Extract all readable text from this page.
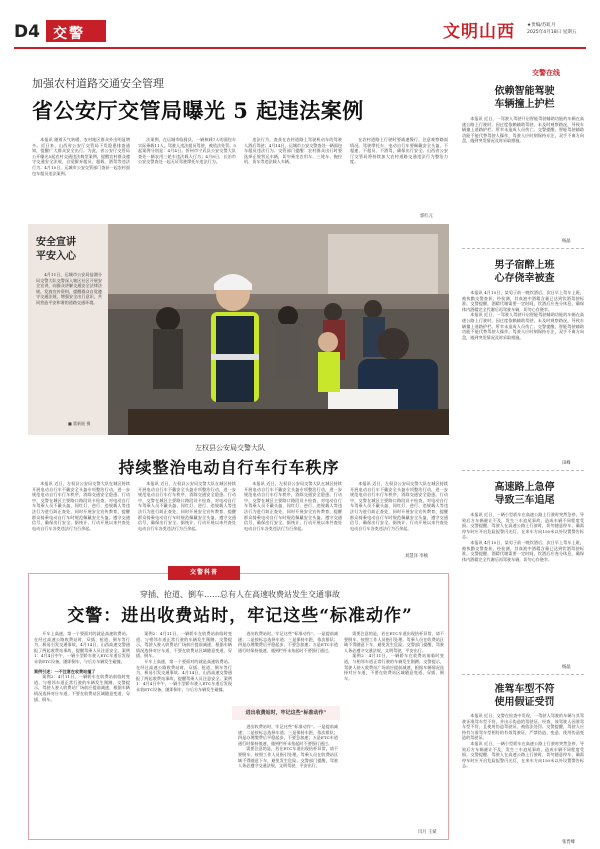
D4 交警	文明山西	★贵编/苏虹月
2025年4月18日 星期五
加强农村道路交通安全管理
省公安厅交管局曝光 5 起违法案例

本报讯 随着天气转暖，农村地区群众外出明显增多。近日来，山西省公安厅交管局下发隐患排查通知，提醒广大群众安全出行。为此，省公安厅交管局公开曝光5起农村交通违法典型案例，提醒农村群众遵守交通安全法规，自觉摒弃超员、超载、酒驾等违法行为。4月10日，运城市公安交管部门查获一起农村面包车超员违法案例。

法案例，在运城市临猗县，一辆核载7人的面包车实际乘载11人，驾驶人违法超员驾驶，被依法处罚。5起案例分别是：4月4日，忻州市宁武县公安交警大队查处一辆农用三轮车违法载人行为；4月8日，长治市公安交警查处一起无证驾驶摩托车违法行为。

违法行为，查获在农村道路上驾驶机动车的驾驶人酒后驾驶；4月14日，运城市公安交警查处一辆面包车超员违法行为。交管部门提醒：农村群众出行时要选择正规营运车辆，切勿乘坐农用车、三轮车、拖拉机、货车等违法载人车辆。

在农村道路上行驶时要减速慢行，注意观察路面情况。驾驶摩托车、电动自行车要佩戴安全头盔，不超速、不超员、不酒驾，确保出行安全。山西省公安厅交管局将持续加大农村道路交通违法行为整治力度。

郭红元
安全宣讲
平安入心

4月11日，运城市公安局盐湖分局交警大队交警深入辖区社区开展安全宣讲，向群众讲解交通安全法律法规，发放宣传资料，提醒群众自觉遵守交通法规，增强安全出行意识，共同营造平安和谐的道路交通环境。

■ 董新媛 摄
左权县公安局交警大队
持续整治电动自行车行车秩序

本报讯 近日，左权县公安局交警大队在城区持续开展电动自行车不戴安全头盔专项整治行动，进一步规范电动自行车行车秩序，消除交通安全隐患。行动中，交警在城区主要路口路段设卡检查，对电动自行车驾乘人员不戴头盔、闯红灯、逆行、违规载人等违法行为进行纠正查处，同时开展安全宣传教育，提醒群众骑乘电动自行车时规范佩戴安全头盔，遵守交通信号，确保出行安全。据统计，行动开展以来共查处电动自行车各类违法行为百余起。

本报讯 近日，左权县公安局交警大队在城区持续开展电动自行车不戴安全头盔专项整治行动，进一步规范电动自行车行车秩序，消除交通安全隐患。行动中，交警在城区主要路口路段设卡检查，对电动自行车驾乘人员不戴头盔、闯红灯、逆行、违规载人等违法行为进行纠正查处，同时开展安全宣传教育，提醒群众骑乘电动自行车时规范佩戴安全头盔，遵守交通信号，确保出行安全。据统计，行动开展以来共查处电动自行车各类违法行为百余起。

本报讯 近日，左权县公安局交警大队在城区持续开展电动自行车不戴安全头盔专项整治行动，进一步规范电动自行车行车秩序，消除交通安全隐患。行动中，交警在城区主要路口路段设卡检查，对电动自行车驾乘人员不戴头盔、闯红灯、逆行、违规载人等违法行为进行纠正查处，同时开展安全宣传教育，提醒群众骑乘电动自行车时规范佩戴安全头盔，遵守交通信号，确保出行安全。据统计，行动开展以来共查处电动自行车各类违法行为百余起。

本报讯 近日，左权县公安局交警大队在城区持续开展电动自行车不戴安全头盔专项整治行动，进一步规范电动自行车行车秩序，消除交通安全隐患。行动中，交警在城区主要路口路段设卡检查，对电动自行车驾乘人员不戴头盔、闯红灯、逆行、违规载人等违法行为进行纠正查处，同时开展安全宣传教育，提醒群众骑乘电动自行车时规范佩戴安全头盔，遵守交通信号，确保出行安全。据统计，行动开展以来共查处电动自行车各类违法行为百余起。

刘慧泽 李楠
交警科普
穿插、抢道、倒车……总有人在高速收费站发生交通事故
交警：进出收费站时，牢记这些“标准动作”

开车上高速，第一个要面对的就是高速收费站。在经过高速公路收费站时，穿插、抢道、倒车等行为，极易引发交通事故。4月14日，山西高速交警通报了两起收费站事故，提醒驾乘人员注意安全。案例1：4月4日中午，一辆小型轿车驶入ETC车道后发现未装ETC设备，随即倒车，与后方车辆发生碰撞。

案例引述：一不注意在收费站撞了

案例2：4月11日，一辆轿车在收费站前临时变道，与相邻车道正常行驶的车辆发生剐蹭。交警提示，驾驶人驶入收费站广场前应提前减速，根据车辆情况选择对应车道，不要在收费站区域随意变道、穿插、倒车。

案例2：4月11日，一辆轿车在收费站前临时变道，与相邻车道正常行驶的车辆发生剐蹭。交警提示，驾驶人驶入收费站广场前应提前减速，根据车辆情况选择对应车道，不要在收费站区域随意变道、穿插、倒车。

开车上高速，第一个要面对的就是高速收费站。在经过高速公路收费站时，穿插、抢道、倒车等行为，极易引发交通事故。4月14日，山西高速交警通报了两起收费站事故，提醒驾乘人员注意安全。案例1：4月4日中午，一辆小型轿车驶入ETC车道后发现未装ETC设备，随即倒车，与后方车辆发生碰撞。

进出收费站时，牢记这些“标准动作”

进出收费站时，牢记这些“标准动作”。一是提前减速；二是按标志选择车道；三是保持车距，依次排队；四是办理缴费后平稳起步，不要急加速；五是ETC车道通行时保持低速，遇到栏杆未抬起时不要强行通过。

进出收费站时，牢记这些“标准动作”。一是提前减速；二是按标志选择车道；三是保持车距，依次排队；四是办理缴费后平稳起步，不要急加速；五是ETC车道通行时保持低速，遇到栏杆未抬起时不要强行通过。

需要注意的是，若在ETC车道出现抬杆异常，请不要倒车，按照工作人员指引处理。驾乘人员在收费站区域不得随意下车，避免发生危险。交警部门提醒，驾驶人务必遵守交通法规，文明驾驶，平安出行。

需要注意的是，若在ETC车道出现抬杆异常，请不要倒车，按照工作人员指引处理。驾乘人员在收费站区域不得随意下车，避免发生危险。交警部门提醒，驾驶人务必遵守交通法规，文明驾驶，平安出行。

案例2：4月11日，一辆轿车在收费站前临时变道，与相邻车道正常行驶的车辆发生剐蹭。交警提示，驾驶人驶入收费站广场前应提前减速，根据车辆情况选择对应车道，不要在收费站区域随意变道、穿插、倒车。

闫月 王斌
交警在线
依赖智能驾驶
车辆撞上护栏

本报讯 近日，一驾驶人驾驶开启智能驾驶辅助功能的车辆在高速公路上行驶时，因过度依赖辅助驾驶，未及时观察路况，导致车辆撞上道路护栏。所幸未造成人员伤亡。交警提醒，智能驾驶辅助功能不能代替驾驶人操作，驾驶人应时刻保持专注，双手不离方向盘，遇到突发情况及时采取措施。

杨晶
男子宿醉上班
心存侥幸被查

本报讯 4月10日，某男子前一晚饮酒后，次日早上驾车上班，被执勤交警查获。经检测，其血液中酒精含量已达到饮酒驾驶标准。交警提醒，酒精代谢需要一定时间，饮酒后应充分休息，确保体内酒精完全代谢后再驾驶车辆，切勿心存侥幸。

本报讯 近日，一驾驶人驾驶开启智能驾驶辅助功能的车辆在高速公路上行驶时，因过度依赖辅助驾驶，未及时观察路况，导致车辆撞上道路护栏。所幸未造成人员伤亡。交警提醒，智能驾驶辅助功能不能代替驾驶人操作，驾驶人应时刻保持专注，双手不离方向盘，遇到突发情况及时采取措施。

田峰
高速路上急停
导致三车追尾

本报讯 近日，一辆小型轿车在高速公路上行驶时突然急停，导致后方车辆避让不及，发生三车追尾事故，造成车辆不同程度受损。交警提醒，驾驶人在高速公路上行驶时，切勿随意停车，确需停车时应开启危险报警闪光灯，在来车方向150米以外设置警告标志。

本报讯 4月10日，某男子前一晚饮酒后，次日早上驾车上班，被执勤交警查获。经检测，其血液中酒精含量已达到饮酒驾驶标准。交警提醒，酒精代谢需要一定时间，饮酒后应充分休息，确保体内酒精完全代谢后再驾驶车辆，切勿心存侥幸。

杨晶
准驾车型不符
使用假证受罚

本报讯 近日，交警在检查中发现，一驾驶人驾驶的车辆与其驾驶证准驾车型不符，并出示伪造的驾驶证。经查，该驾驶人因准驾车型不符，且使用伪造驾驶证，被依法处罚。交警提醒，驾驶人应持有与准驾车型相符的有效驾驶证，严禁伪造、变造、使用伪造变造的驾驶证。

本报讯 近日，一辆小型轿车在高速公路上行驶时突然急停，导致后方车辆避让不及，发生三车追尾事故，造成车辆不同程度受损。交警提醒，驾驶人在高速公路上行驶时，切勿随意停车，确需停车时应开启危险报警闪光灯，在来车方向150米以外设置警告标志。

张晋峰
